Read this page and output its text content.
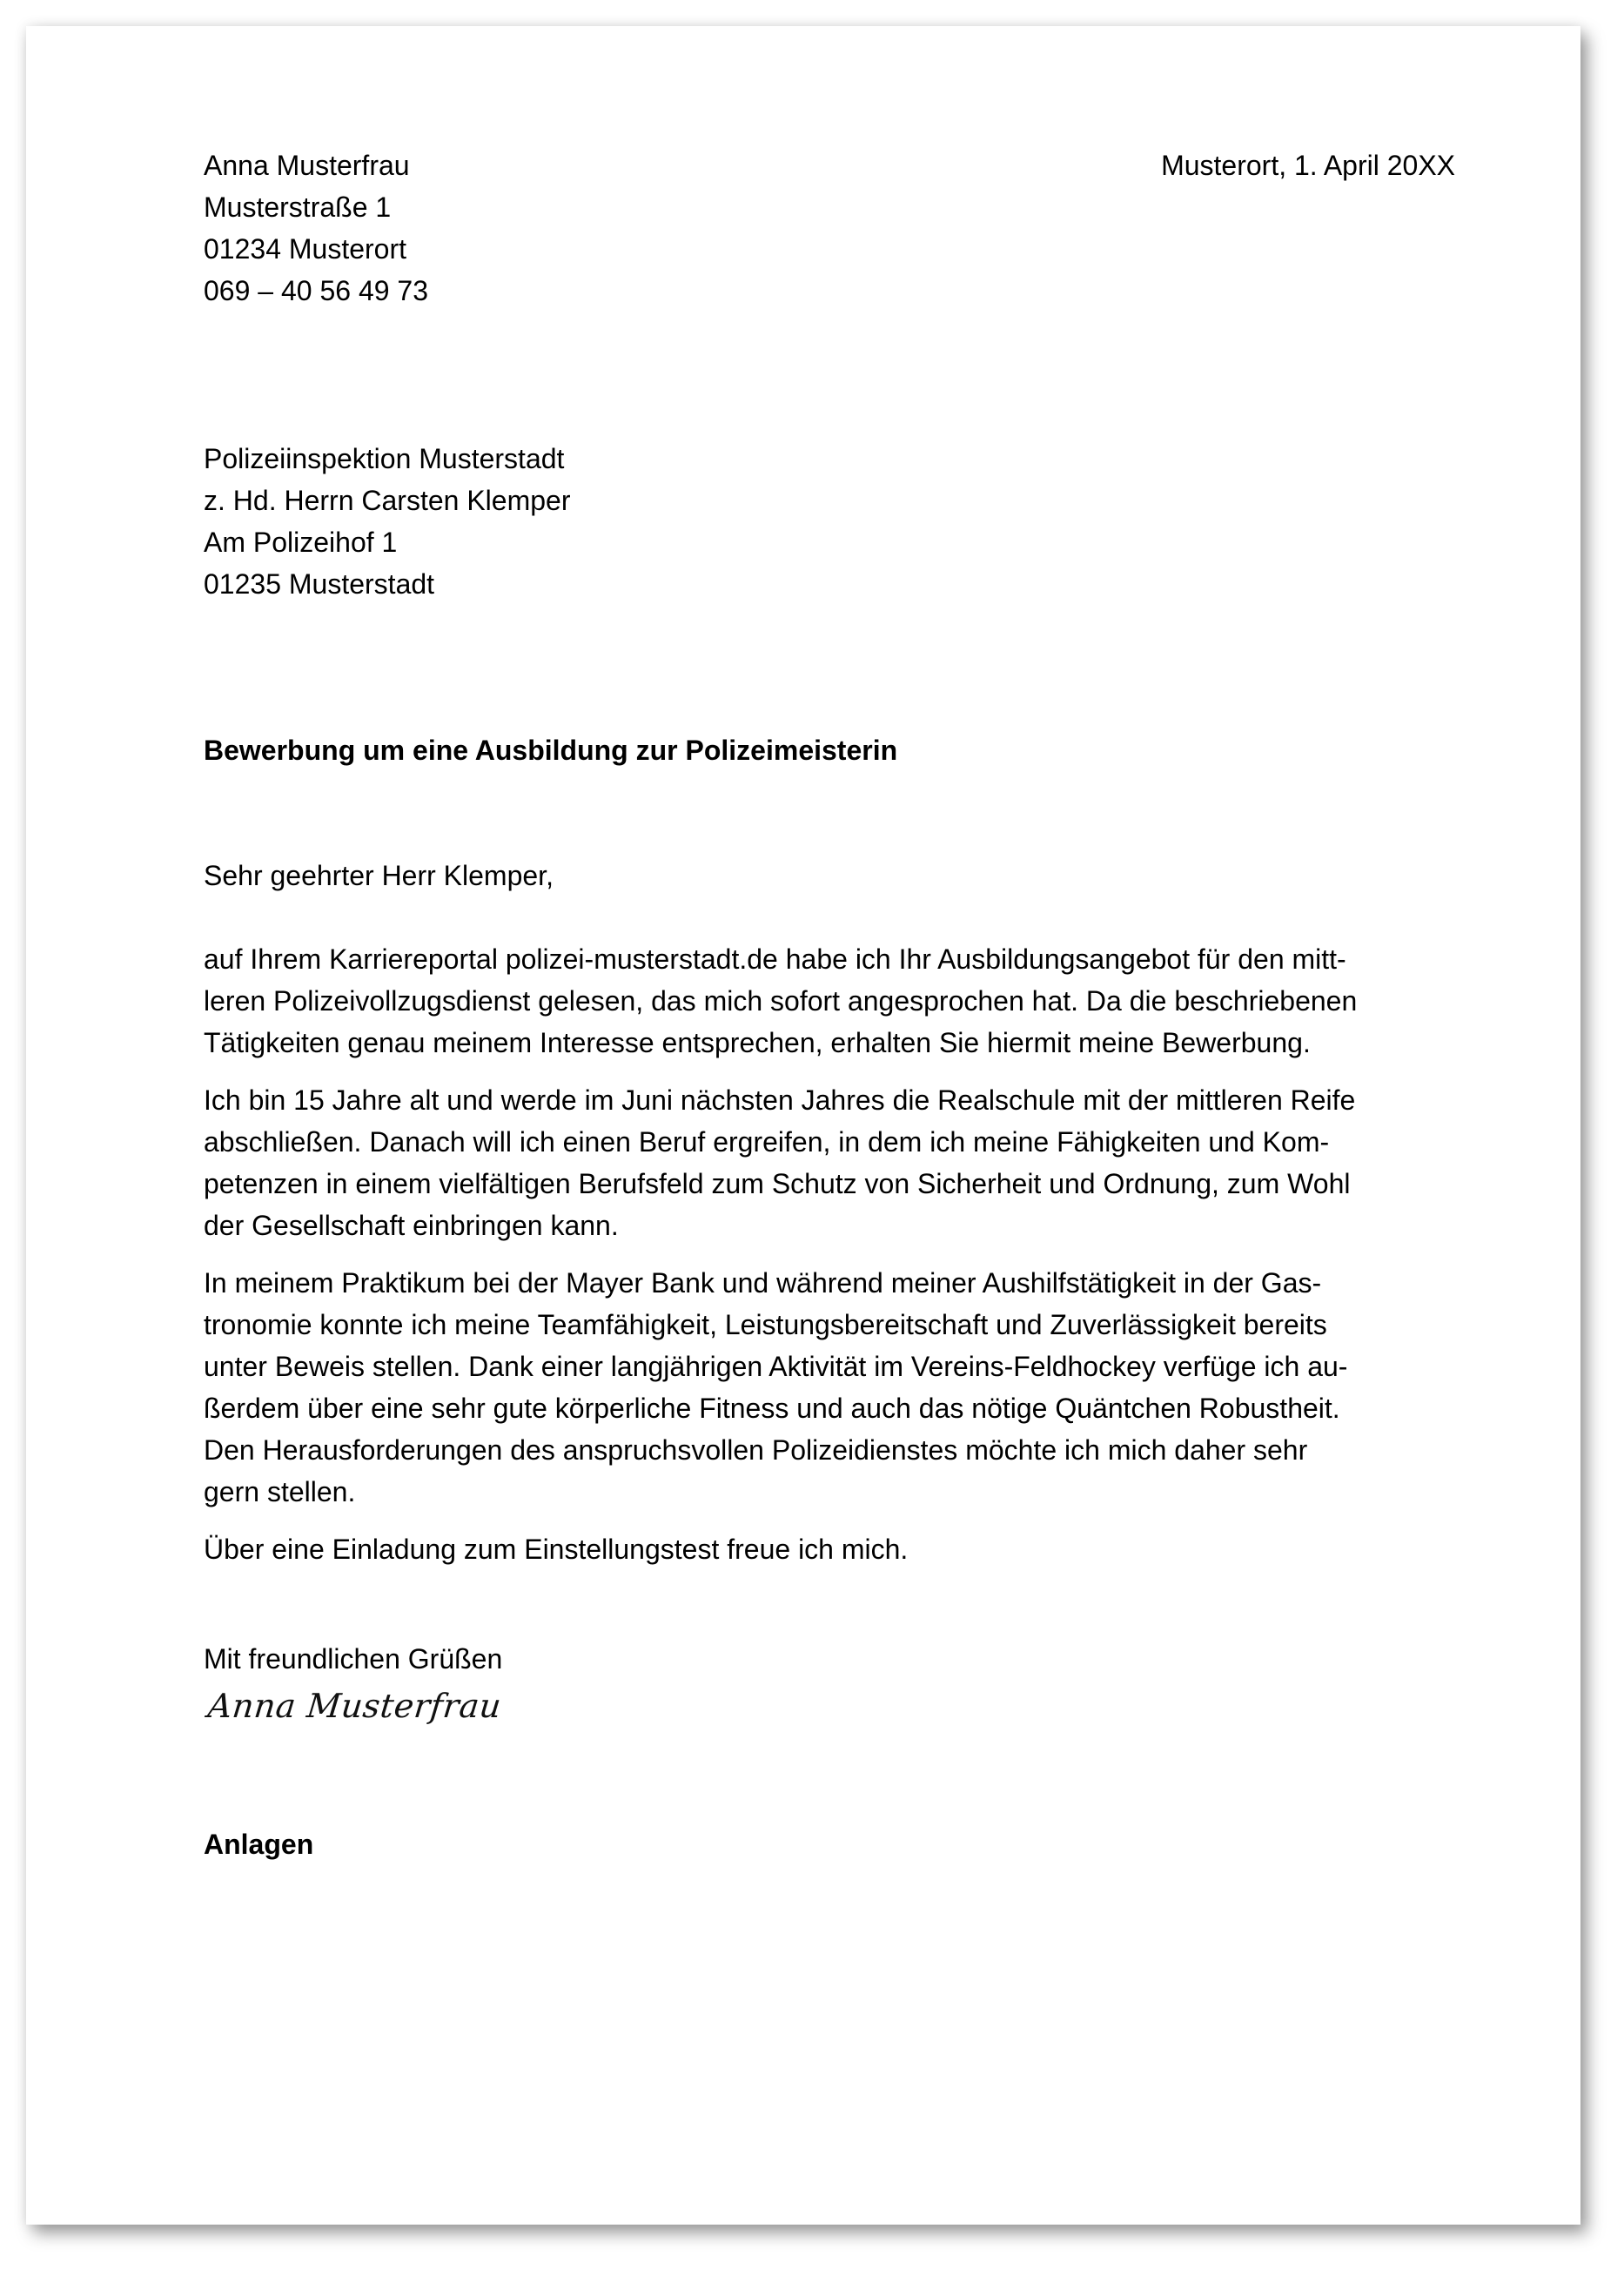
Anna Musterfrau
Musterstraße 1
01234 Musterort
069 – 40 56 49 73
Musterort, 1. April 20XX
Polizeiinspektion Musterstadt
z. Hd. Herrn Carsten Klemper
Am Polizeihof 1
01235 Musterstadt
Bewerbung um eine Ausbildung zur Polizeimeisterin
Sehr geehrter Herr Klemper,

auf Ihrem Karriereportal polizei-musterstadt.de habe ich Ihr Ausbildungsangebot für den mitt-
leren Polizeivollzugsdienst gelesen, das mich sofort angesprochen hat. Da die beschriebenen
Tätigkeiten genau meinem Interesse entsprechen, erhalten Sie hiermit meine Bewerbung.

Ich bin 15 Jahre alt und werde im Juni nächsten Jahres die Realschule mit der mittleren Reife
abschließen. Danach will ich einen Beruf ergreifen, in dem ich meine Fähigkeiten und Kom-
petenzen in einem vielfältigen Berufsfeld zum Schutz von Sicherheit und Ordnung, zum Wohl
der Gesellschaft einbringen kann.

In meinem Praktikum bei der Mayer Bank und während meiner Aushilfstätigkeit in der Gas-
tronomie konnte ich meine Teamfähigkeit, Leistungsbereitschaft und Zuverlässigkeit bereits
unter Beweis stellen. Dank einer langjährigen Aktivität im Vereins-Feldhockey verfüge ich au-
ßerdem über eine sehr gute körperliche Fitness und auch das nötige Quäntchen Robustheit.
Den Herausforderungen des anspruchsvollen Polizeidienstes möchte ich mich daher sehr
gern stellen.

Über eine Einladung zum Einstellungstest freue ich mich.

Mit freundlichen Grüßen
Anna Musterfrau
Anlagen
